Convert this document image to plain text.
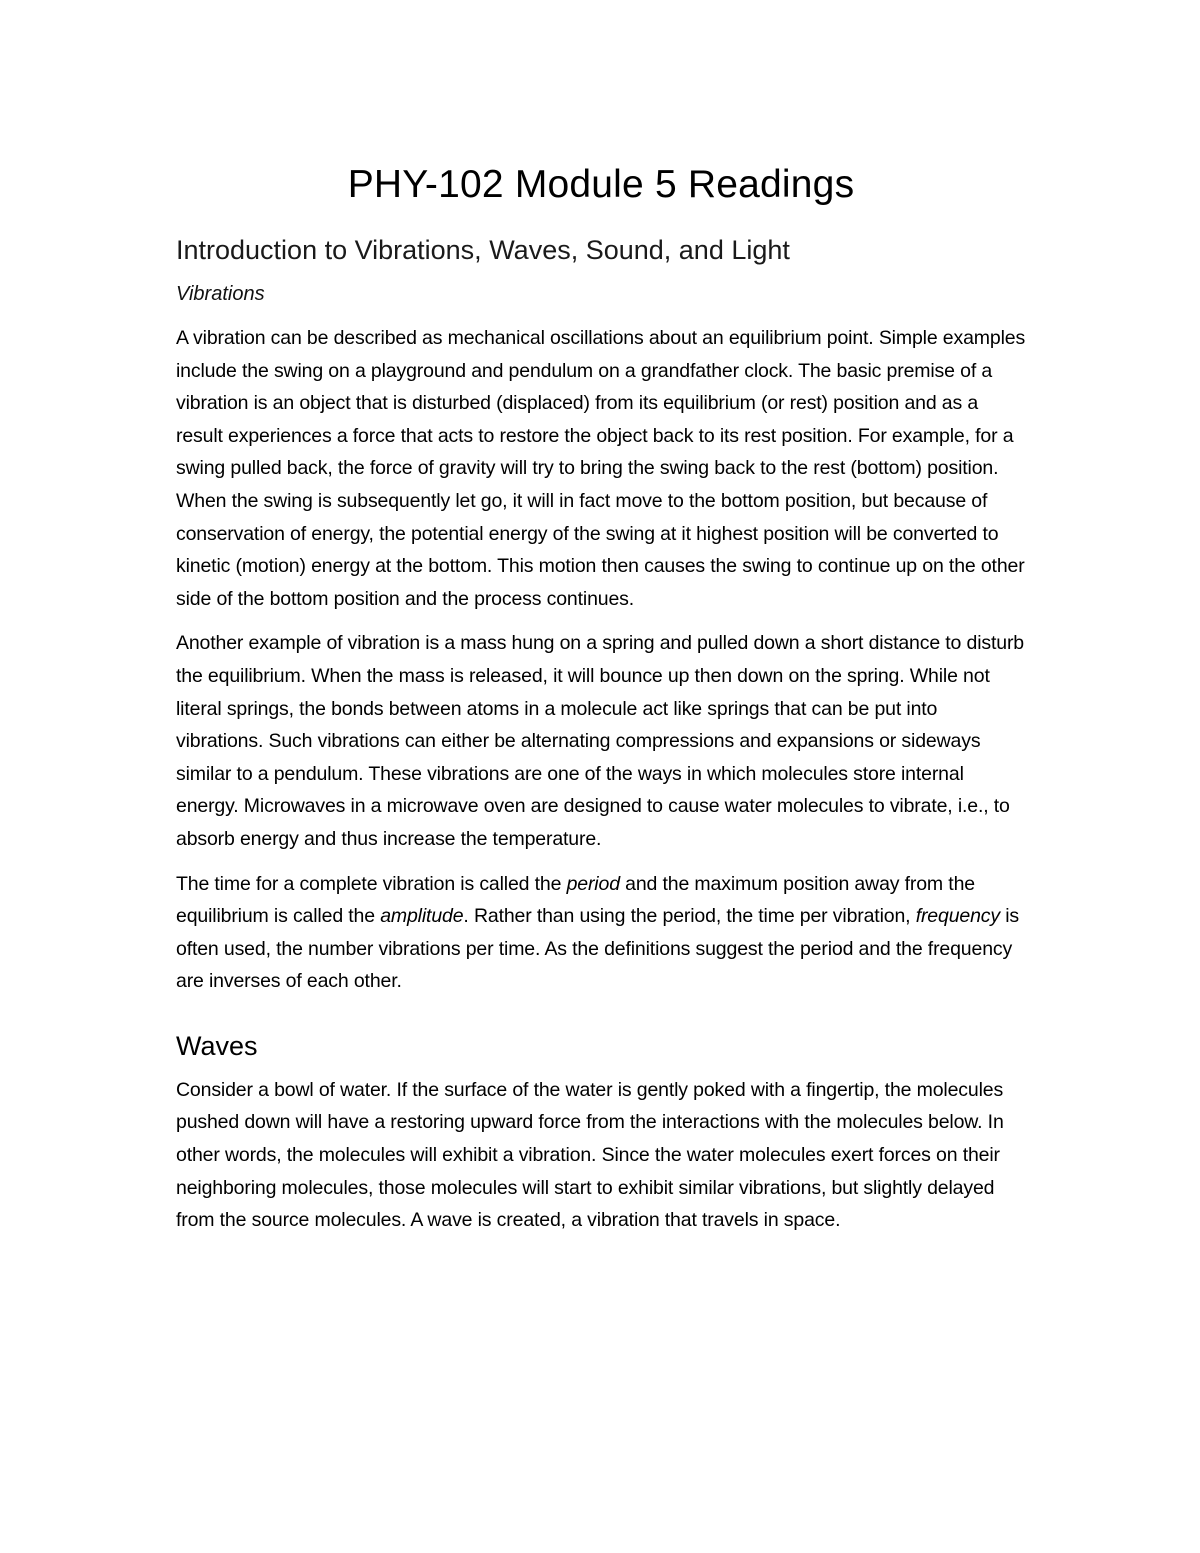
PHY-102 Module 5 Readings
Introduction to Vibrations, Waves, Sound, and Light
Vibrations

A vibration can be described as mechanical oscillations about an equilibrium point. Simple examples include the swing on a playground and pendulum on a grandfather clock. The basic premise of a vibration is an object that is disturbed (displaced) from its equilibrium (or rest) position and as a result experiences a force that acts to restore the object back to its rest position. For example, for a swing pulled back, the force of gravity will try to bring the swing back to the rest (bottom) position. When the swing is subsequently let go, it will in fact move to the bottom position, but because of conservation of energy, the potential energy of the swing at it highest position will be converted to kinetic (motion) energy at the bottom. This motion then causes the swing to continue up on the other side of the bottom position and the process continues.

Another example of vibration is a mass hung on a spring and pulled down a short distance to disturb the equilibrium. When the mass is released, it will bounce up then down on the spring. While not literal springs, the bonds between atoms in a molecule act like springs that can be put into vibrations. Such vibrations can either be alternating compressions and expansions or sideways similar to a pendulum. These vibrations are one of the ways in which molecules store internal energy. Microwaves in a microwave oven are designed to cause water molecules to vibrate, i.e., to absorb energy and thus increase the temperature.

The time for a complete vibration is called the period and the maximum position away from the equilibrium is called the amplitude. Rather than using the period, the time per vibration, frequency is often used, the number vibrations per time. As the definitions suggest the period and the frequency are inverses of each other.

Waves

Consider a bowl of water. If the surface of the water is gently poked with a fingertip, the molecules pushed down will have a restoring upward force from the interactions with the molecules below. In other words, the molecules will exhibit a vibration. Since the water molecules exert forces on their neighboring molecules, those molecules will start to exhibit similar vibrations, but slightly delayed from the source molecules. A wave is created, a vibration that travels in space.
